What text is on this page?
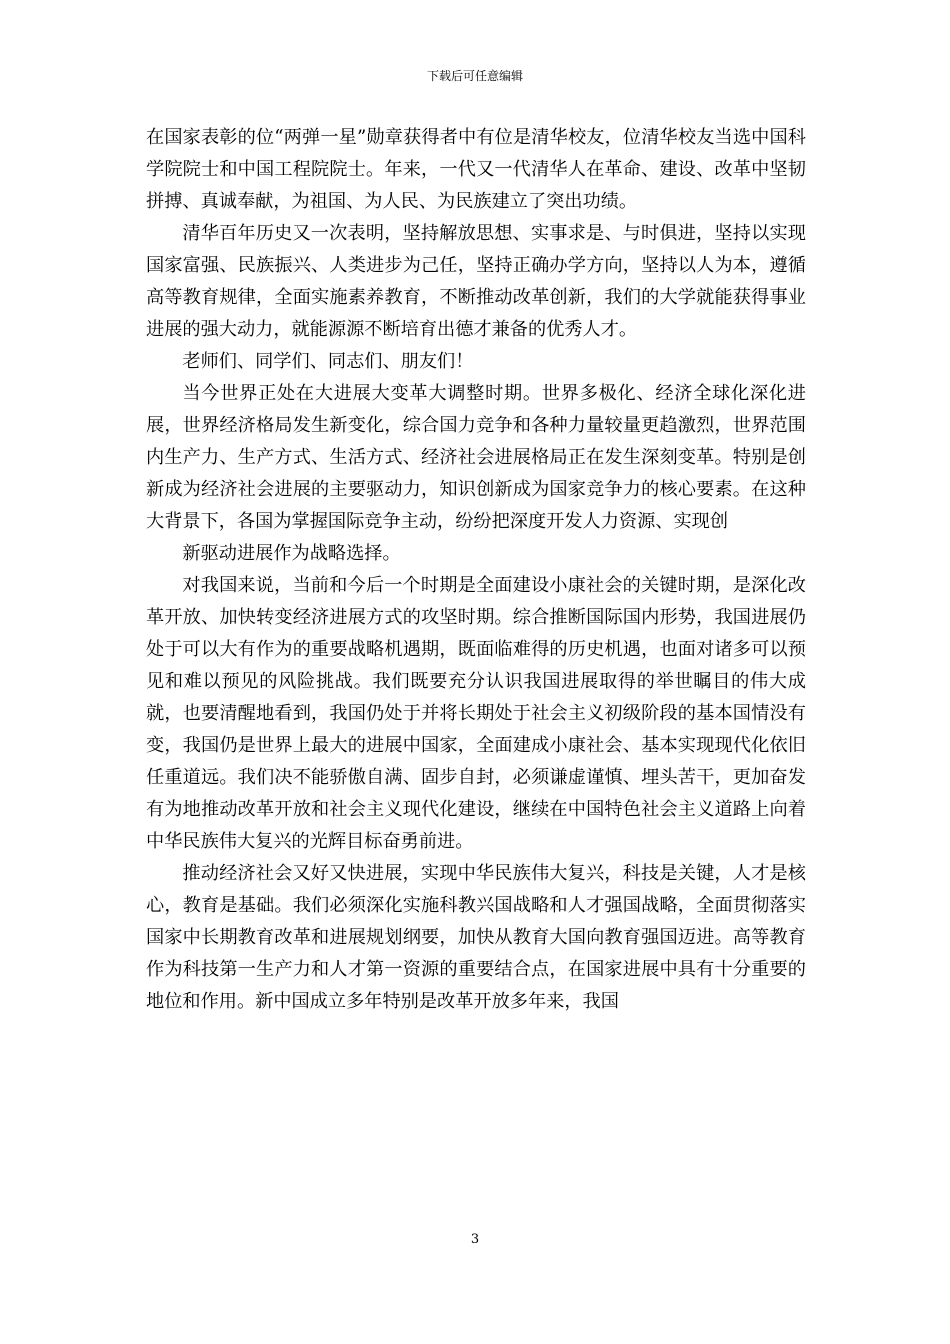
下载后可任意编辑

在国家表彰的位“两弹一星”勋章获得者中有位是清华校友，位清华校友当选中国科学院院士和中国工程院院士。年来，一代又一代清华人在革命、建设、改革中坚韧拼搏、真诚奉献，为祖国、为人民、为民族建立了突出功绩。

清华百年历史又一次表明，坚持解放思想、实事求是、与时俱进，坚持以实现国家富强、民族振兴、人类进步为己任，坚持正确办学方向，坚持以人为本，遵循高等教育规律，全面实施素养教育，不断推动改革创新，我们的大学就能获得事业进展的强大动力，就能源源不断培育出德才兼备的优秀人才。

老师们、同学们、同志们、朋友们！

当今世界正处在大进展大变革大调整时期。世界多极化、经济全球化深化进展，世界经济格局发生新变化，综合国力竞争和各种力量较量更趋激烈，世界范围内生产力、生产方式、生活方式、经济社会进展格局正在发生深刻变革。特别是创新成为经济社会进展的主要驱动力，知识创新成为国家竞争力的核心要素。在这种大背景下，各国为掌握国际竞争主动，纷纷把深度开发人力资源、实现创

新驱动进展作为战略选择。

对我国来说，当前和今后一个时期是全面建设小康社会的关键时期，是深化改革开放、加快转变经济进展方式的攻坚时期。综合推断国际国内形势，我国进展仍处于可以大有作为的重要战略机遇期，既面临难得的历史机遇，也面对诸多可以预见和难以预见的风险挑战。我们既要充分认识我国进展取得的举世瞩目的伟大成就，也要清醒地看到，我国仍处于并将长期处于社会主义初级阶段的基本国情没有变，我国仍是世界上最大的进展中国家，全面建成小康社会、基本实现现代化依旧任重道远。我们决不能骄傲自满、固步自封，必须谦虚谨慎、埋头苦干，更加奋发有为地推动改革开放和社会主义现代化建设，继续在中国特色社会主义道路上向着中华民族伟大复兴的光辉目标奋勇前进。

推动经济社会又好又快进展，实现中华民族伟大复兴，科技是关键，人才是核心，教育是基础。我们必须深化实施科教兴国战略和人才强国战略，全面贯彻落实国家中长期教育改革和进展规划纲要，加快从教育大国向教育强国迈进。高等教育作为科技第一生产力和人才第一资源的重要结合点，在国家进展中具有十分重要的地位和作用。新中国成立多年特别是改革开放多年来，我国

3
